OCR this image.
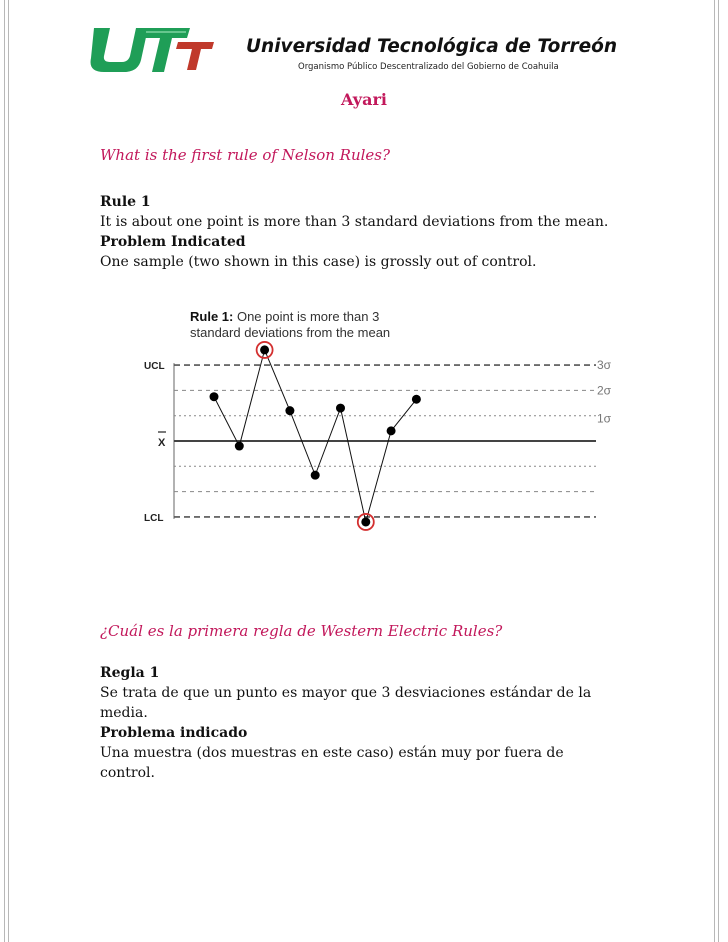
Universidad Tecnológica de Torreón
Organismo Público Descentralizado del Gobierno de Coahuila
Ayari
What is the first rule of Nelson Rules?
Rule 1
It is about one point is more than 3 standard deviations from the mean.
Problem Indicated
One sample (two shown in this case) is grossly out of control.
Rule 1: One point is more than 3
standard deviations from the mean
UCL
X
LCL
3σ
2σ
1σ
¿Cuál es la primera regla de Western Electric Rules?
Regla 1
Se trata de que un punto es mayor que 3 desviaciones estándar de la
media.
Problema indicado
Una muestra (dos muestras en este caso) están muy por fuera de
control.
